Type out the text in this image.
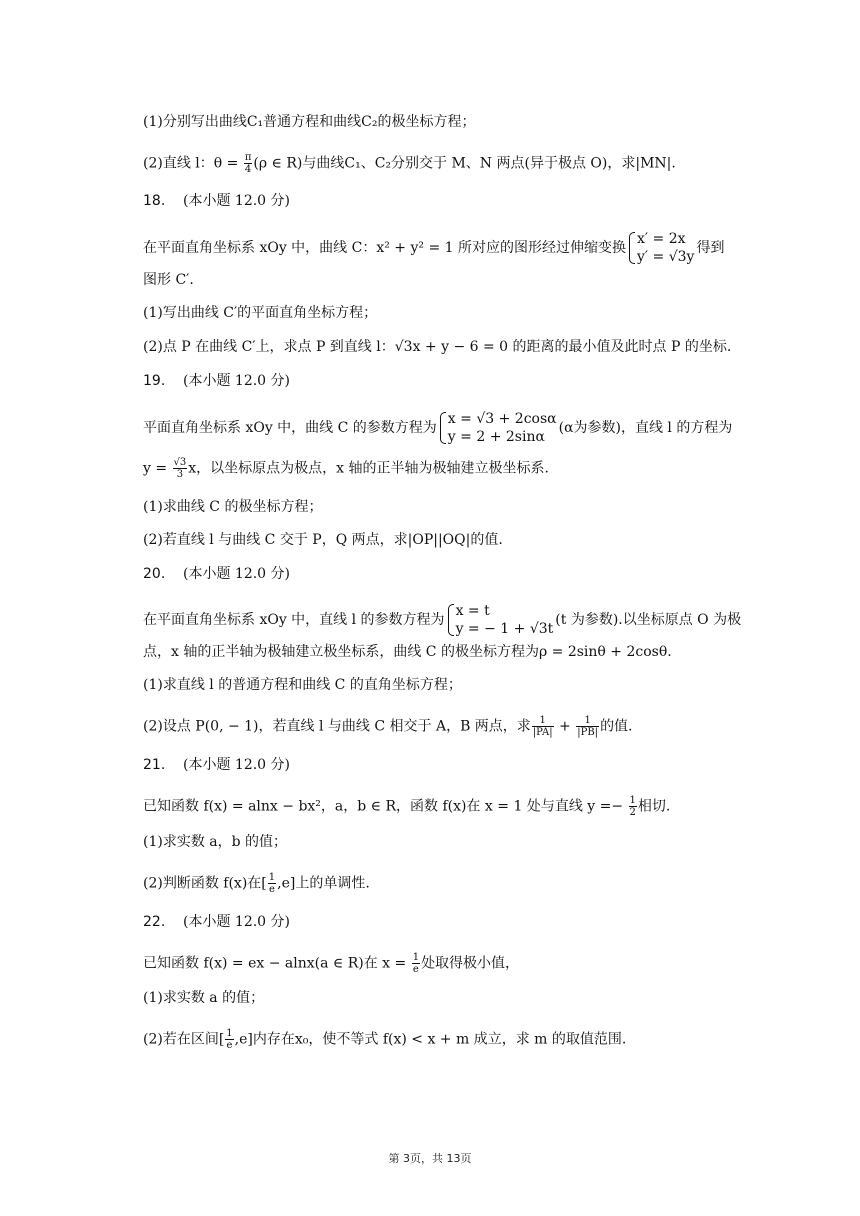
(1)分别写出曲线C₁普通方程和曲线C₂的极坐标方程；
(2)直线 l：$\theta = \frac{\pi}{4} (\rho$ ∈ R)与曲线C₁、C₂分别交于 M、N 两点(异于极点 O)，求|MN|.
18. (本小题 12.0 分)
在平面直角坐标系 xOy 中，曲线 C：x² + y² = 1 所对应的图形经过伸缩变换
x′ = 2x
y′ = √3y
得到
图形 C′.
(1)写出曲线 C′的平面直角坐标方程；
(2)点 P 在曲线 C′上，求点 P 到直线 l：√3x + y − 6 = 0 的距离的最小值及此时点 P 的坐标.
19. (本小题 12.0 分)
平面直角坐标系 xOy 中，曲线 C 的参数方程为
x = √3 + 2cosα
y = 2 + 2sinα
(α为参数)，直线 l 的方程为
$y = \frac{√3}{3}$ x，以坐标原点为极点，x 轴的正半轴为极轴建立极坐标系.
(1)求曲线 C 的极坐标方程；
(2)若直线 l 与曲线 C 交于 P，Q 两点，求|OP||OQ|的值.
20. (本小题 12.0 分)
在平面直角坐标系 xOy 中，直线 l 的参数方程为
x = t
y = − 1 + √3t
(t 为参数).以坐标原点 O 为极
点，x 轴的正半轴为极轴建立极坐标系，曲线 C 的极坐标方程为ρ = 2sinθ + 2cosθ.
(1)求直线 l 的普通方程和曲线 C 的直角坐标方程；
(2)设点 P(0, − 1)，若直线 l 与曲线 C 相交于 A，B 两点，求 $\frac{1}{|PA|} + \frac{1}{|PB|}$ 的值.
21. (本小题 12.0 分)
已知函数 f(x) = alnx − bx²，a，b ∈ R，函数 f(x)在 x = 1 处与直线 $y =- \frac{1}{2}$ 相切.
(1)求实数 a，b 的值；
(2)判断函数 f(x)在[ $\frac{1}{e} ,e$]上的单调性.
22. (本小题 12.0 分)
已知函数 f(x) = ex − alnx(a ∈ R)在 $x = \frac{1}{e}$ 处取得极小值，
(1)求实数 a 的值；
(2)若在区间[ $\frac{1}{e} ,e$]内存在x₀，使不等式 f(x) < x + m 成立，求 m 的取值范围.
第 3页，共 13页
